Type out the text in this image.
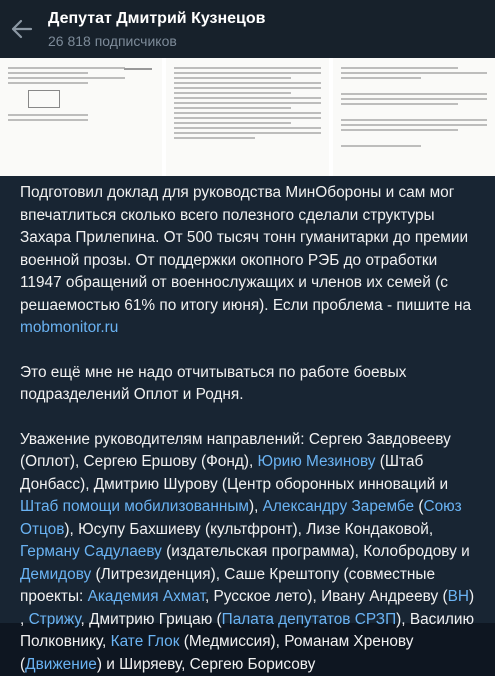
Депутат Дмитрий Кузнецов
26 818 подписчиков

Подготовил доклад для руководства МинОбороны и сам мог впечатлиться сколько всего полезного сделали структуры Захара Прилепина. От 500 тысяч тонн гуманитарки до премии военной прозы. От поддержки окопного РЭБ до отработки 11947 обращений от военнослужащих и членов их семей (с решаемостью 61% по итогу июня). Если проблема - пишите на mobmonitor.ru

Это ещё мне не надо отчитываться по работе боевых подразделений Оплот и Родня.

Уважение руководителям направлений: Сергею Завдовееву (Оплот), Сергею Ершову (Фонд), Юрию Мезинову (Штаб Донбасс), Дмитрию Шурову (Центр оборонных инноваций и Штаб помощи мобилизованным), Александру Зарембе (Союз Отцов), Юсупу Бахшиеву (культфронт), Лизе Кондаковой, Герману Садулаеву (издательская программа), Колобродову и Демидову (Литрезиденция), Саше Крештопу (совместные проекты: Академия Ахмат, Русское лето), Ивану Андрееву (ВН) , Стрижу, Дмитрию Грицаю (Палата депутатов СРЗП), Василию Полковнику, Кате Глок (Медмиссия), Романам Хренову (Движение) и Ширяеву, Сергею Борисову
